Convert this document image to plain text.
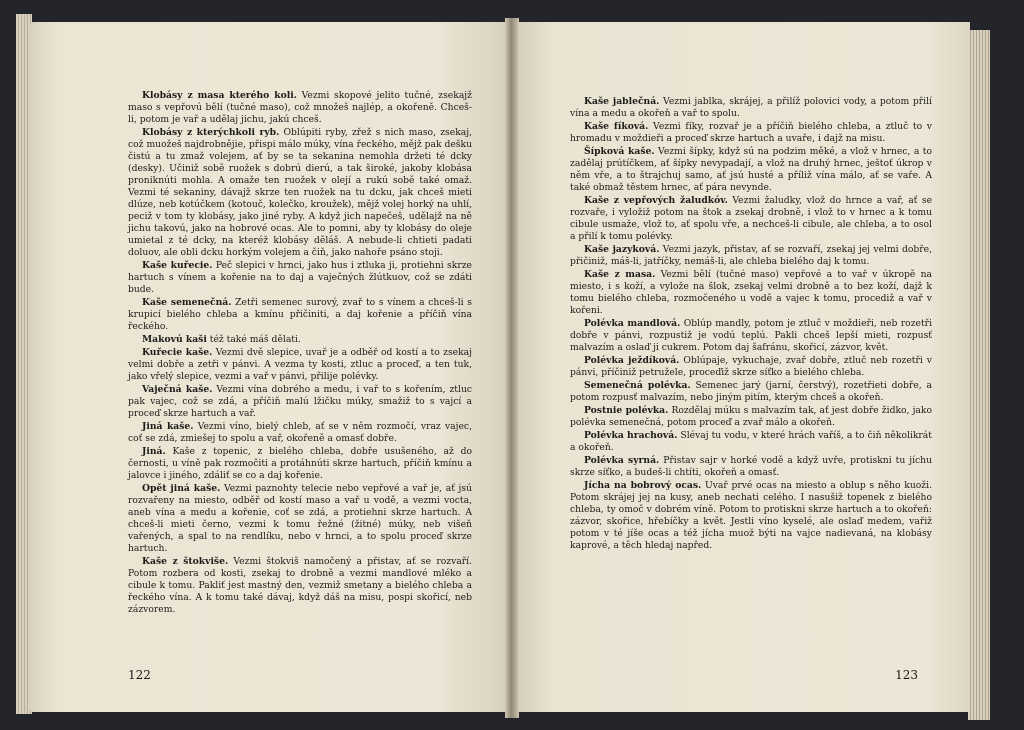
Klobásy z masa kterého koli. Vezmi skopové jelito tučné, zsekajž maso s vepřovú bělí (tučné maso), což množeš najlép, a okořeně. Chceš-li, potom je vař a udělaj jichu, jakú chceš.

Klobásy z kterýchkoli ryb. Oblúpiti ryby, zřež s nich maso, zsekaj, což muožeš najdrobnějie, přispi málo múky, vína řeckého, mějž pak dešku čistú a tu zmaž volejem, ať by se ta sekanina nemohla držeti té dcky (desky). Učiniž sobě ruožek s dobrú dierú, a tak široké, jakoby klobása proniknúti mohla. A omaže ten ruožek v olejí a rukú sobě také omaž. Vezmi té sekaniny, dávajž skrze ten ruožek na tu dcku, jak chceš mieti dlúze, neb kotúčkem (kotouč, kolečko, kroužek), mějž volej horký na uhlí, peciž v tom ty klobásy, jako jiné ryby. A když jich napečeš, udělajž na ně jichu takovú, jako na hobrové ocas. Ale to pomni, aby ty klobásy do oleje umietal z té dcky, na kteréž klobásy děláš. A nebude-li chtieti padati doluov, ale obli dcku horkým volejem a čiň, jako nahoře psáno stoji.

Kaše kuřecie. Peč slepici v hrnci, jako hus i ztluka ji, protiehni skrze hartuch s vínem a kořenie na to daj a vaječných žlútkuov, což se zdáti bude.

Kaše semenečná. Zetři semenec surový, zvař to s vínem a chceš-li s krupicí bielého chleba a kmínu přičiniti, a daj kořenie a příčiň vína řeckého.

Makovú kaši též také máš dělati.

Kuřecie kaše. Vezmi dvě slepice, uvař je a odběř od kostí a to zsekaj velmi dobře a zetři v pánvi. A vezma ty kosti, ztluc a proceď, a ten tuk, jako vřelý slepice, vezmi a vař v pánvi, přilije polévky.

Vaječná kaše. Vezmi vína dobrého a medu, i vař to s kořením, ztluc pak vajec, což se zdá, a příčiň malú lžičku múky, smažiž to s vajcí a proceď skrze hartuch a vař.

Jiná kaše. Vezmi víno, bielý chleb, ať se v něm rozmočí, vraz vajec, coť se zdá, zmiešej to spolu a vař, okořeně a omasť dobře.

Jiná. Kaše z topenic, z bielého chleba, dobře usušeného, až do černosti, u víně pak rozmočiti a protáhnúti skrze hartuch, příčiň kmínu a jalovce i jiného, zdáliť se co a daj kořenie.

Opět jiná kaše. Vezmi paznohty telecie nebo vepřové a vař je, ať jsú rozvařeny na miesto, odběř od kostí maso a vař u vodě, a vezmi vocta, aneb vína a medu a kořenie, coť se zdá, a protiehni skrze hartuch. A chceš-li mieti černo, vezmi k tomu řežné (žitné) múky, neb višeň vařených, a spal to na rendlíku, nebo v hrnci, a to spolu proceď skrze hartuch.

Kaše z štokviše. Vezmi štokviš namočený a přistav, ať se rozvaří. Potom rozbera od kosti, zsekaj to drobně a vezmi mandlové mléko a cibule k tomu. Pakliť jest mastný den, vezmiž smetany a bielého chleba a řeckého vína. A k tomu také dávaj, když dáš na misu, pospi skořicí, neb zázvorem.

122

Kaše jablečná. Vezmi jablka, skrájej, a přilíž polovici vody, a potom přilí vína a medu a okořeň a vař to spolu.

Kaše fíková. Vezmi fíky, rozvař je a příčiň bielého chleba, a ztluč to v hromadu v moždieři a proceď skrze hartuch a uvaře, i dajž na misu.

Šípková kaše. Vezmi šípky, když sú na podzim měké, a vlož v hrnec, a to zadělaj prútíčkem, ať šípky nevypadají, a vlož na druhý hrnec, ještoť úkrop v něm vře, a to štrajchuj samo, ať jsú husté a příliž vína málo, ať se vaře. A také obmaž těstem hrnec, ať pára nevynde.

Kaše z vepřových žaludkóv. Vezmi žaludky, vlož do hrnce a vař, ať se rozvaře, i vyložiž potom na štok a zsekaj drobně, i vlož to v hrnec a k tomu cibule usmaže, vlož to, ať spolu vře, a nechceš-li cibule, ale chleba, a to osol a přilí k tomu polévky.

Kaše jazyková. Vezmi jazyk, přistav, ať se rozvaří, zsekaj jej velmi dobře, přičiniž, máš-li, jatříčky, nemáš-li, ale chleba bielého daj k tomu.

Kaše z masa. Vezmi bělí (tučné maso) vepřové a to vař v úkropě na miesto, i s koží, a vylože na šlok, zsekaj velmi drobně a to bez koží, dajž k tomu bielého chleba, rozmočeného u vodě a vajec k tomu, procediž a vař v kořeni.

Polévka mandlová. Oblúp mandly, potom je ztluč v moždieři, neb rozetři dobře v pánvi, rozpustiž je vodú teplú. Pakli chceš lepší mieti, rozpusť malvazím a oslaď ji cukrem. Potom daj šafránu, skořicí, zázvor, květ.

Polévka ježdíková. Oblúpaje, vykuchaje, zvař dobře, ztluč neb rozetři v pánvi, příčiniž petružele, proceďiž skrze síťko a bielého chleba.

Semenečná polévka. Semenec jarý (jarní, čerstvý), rozetřieti dobře, a potom rozpusť malvazím, nebo jiným pitím, kterým chceš a okořeň.

Postnie polévka. Rozdělaj múku s malvazím tak, ať jest dobře židko, jako polévka semenečná, potom proceď a zvař málo a okořeň.

Polévka hrachová. Slévaj tu vodu, v které hrách vaříš, a to čiň několikrát a okořeň.

Polévka syrná. Přistav sajr v horké vodě a když uvře, protiskni tu jíchu skrze síťko, a budeš-li chtíti, okořeň a omasť.

Jícha na bobrový ocas. Uvař prvé ocas na miesto a oblup s něho kuoži. Potom skrájej jej na kusy, aneb nechati celého. I nasušiž topenek z bielého chleba, ty omoč v dobrém víně. Potom to protiskni skrze hartuch a to okořeň: zázvor, skořice, hřebíčky a květ. Jestli víno kyselé, ale oslaď medem, vařiž potom v té jíše ocas a též jícha muož býti na vajce nadievaná, na klobásy kaprové, a těch hledaj napřed.

123
